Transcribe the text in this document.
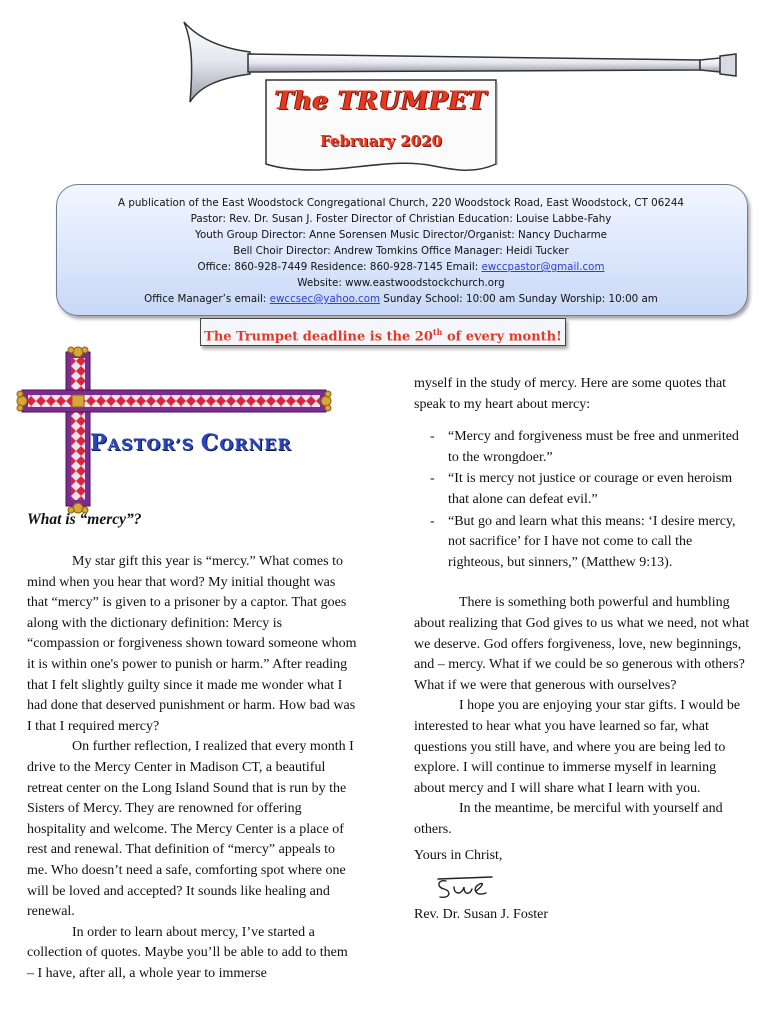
The TRUMPET
February 2020
A publication of the East Woodstock Congregational Church, 220 Woodstock Road, East Woodstock, CT 06244
Pastor: Rev. Dr. Susan J. Foster Director of Christian Education: Louise Labbe-Fahy
Youth Group Director: Anne Sorensen Music Director/Organist: Nancy Ducharme
Bell Choir Director: Andrew Tomkins Office Manager: Heidi Tucker
Office: 860-928-7449 Residence: 860-928-7145 Email: ewccpastor@gmail.com
Website: www.eastwoodstockchurch.org
Office Manager’s email: ewccsec@yahoo.com Sunday School: 10:00 am Sunday Worship: 10:00 am
The Trumpet deadline is the 20th of every month!
PASTOR’S CORNER
What is “mercy”?

My star gift this year is “mercy.” What comes to mind when you hear that word? My initial thought was that “mercy” is given to a prisoner by a captor. That goes along with the dictionary definition: Mercy is “compassion or forgiveness shown toward someone whom it is within one's power to punish or harm.” After reading that I felt slightly guilty since it made me wonder what I had done that deserved punishment or harm. How bad was I that I required mercy?

On further reflection, I realized that every month I drive to the Mercy Center in Madison CT, a beautiful retreat center on the Long Island Sound that is run by the Sisters of Mercy. They are renowned for offering hospitality and welcome. The Mercy Center is a place of rest and renewal. That definition of “mercy” appeals to me. Who doesn’t need a safe, comforting spot where one will be loved and accepted? It sounds like healing and renewal.

In order to learn about mercy, I’ve started a collection of quotes. Maybe you’ll be able to add to them – I have, after all, a whole year to immerse

myself in the study of mercy. Here are some quotes that speak to my heart about mercy:

- “Mercy and forgiveness must be free and unmerited to the wrongdoer.”
- “It is mercy not justice or courage or even heroism that alone can defeat evil.”
- “But go and learn what this means: ‘I desire mercy, not sacrifice’ for I have not come to call the righteous, but sinners,” (Matthew 9:13).

There is something both powerful and humbling about realizing that God gives to us what we need, not what we deserve. God offers forgiveness, love, new beginnings, and – mercy. What if we could be so generous with others? What if we were that generous with ourselves?

I hope you are enjoying your star gifts. I would be interested to hear what you have learned so far, what questions you still have, and where you are being led to explore. I will continue to immerse myself in learning about mercy and I will share what I learn with you.

In the meantime, be merciful with yourself and others.

Yours in Christ,

Rev. Dr. Susan J. Foster
